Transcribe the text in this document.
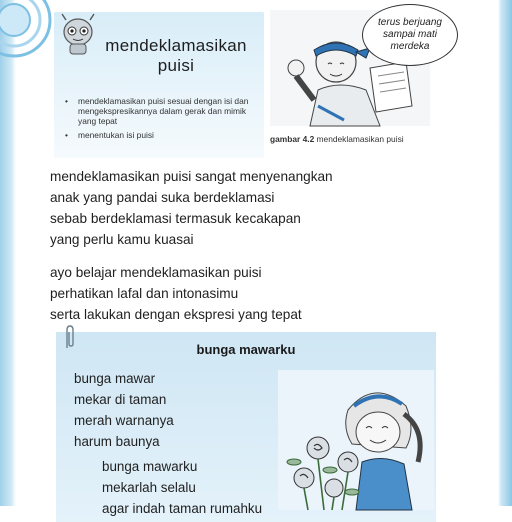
mendeklamasikan
puisi
• mendeklamasikan puisi sesuai dengan isi dan mengekspresikannya dalam gerak dan mimik yang tepat
• menentukan isi puisi
terus berjuang
sampai mati
merdeka
gambar 4.2 mendeklamasikan puisi
mendeklamasikan puisi sangat menyenangkan
anak yang pandai suka berdeklamasi
sebab berdeklamasi termasuk kecakapan
yang perlu kamu kuasai
ayo belajar mendeklamasikan puisi
perhatikan lafal dan intonasimu
serta lakukan dengan ekspresi yang tepat
bunga mawarku
bunga mawar
mekar di taman
merah warnanya
harum baunya
bunga mawarku
mekarlah selalu
agar indah taman rumahku
